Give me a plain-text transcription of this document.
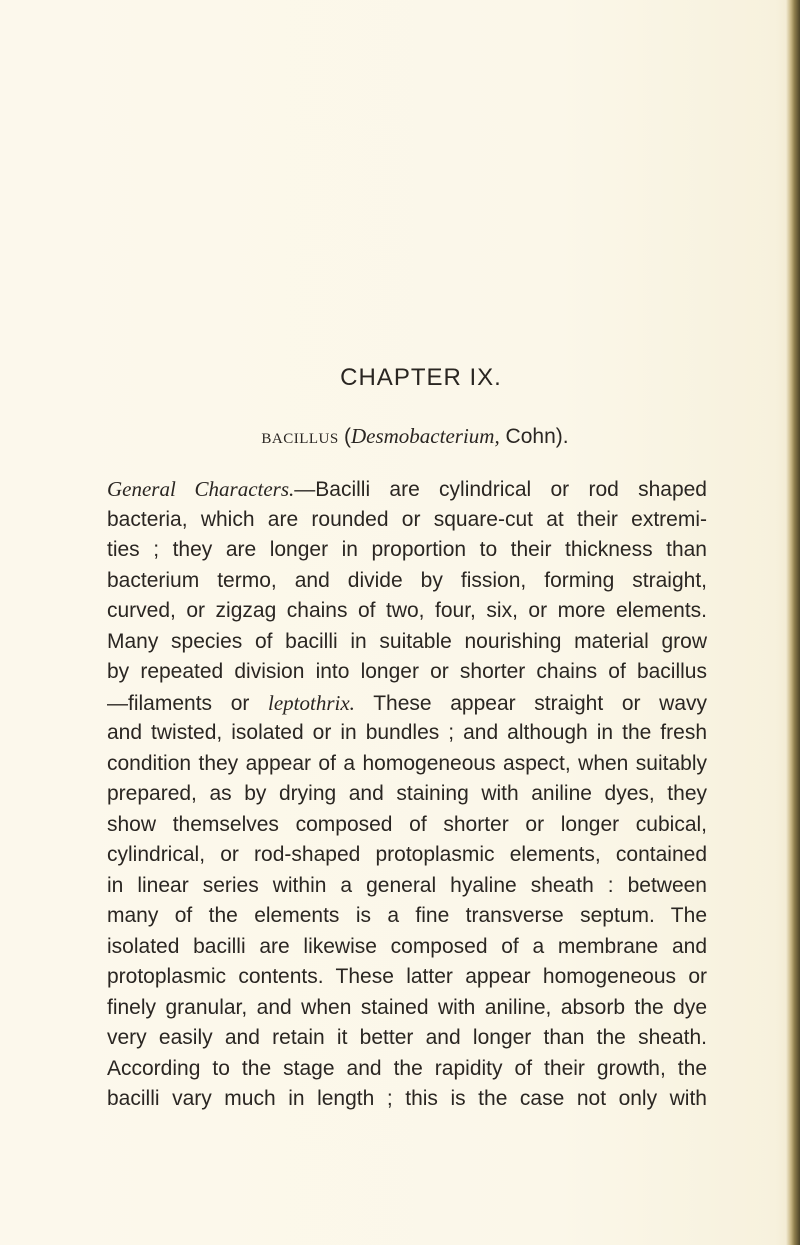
CHAPTER IX.
BACILLUS (Desmobacterium, Cohn).
General Characters.—Bacilli are cylindrical or rod shaped
bacteria, which are rounded or square-cut at their extremi-
ties ; they are longer in proportion to their thickness than
bacterium termo, and divide by fission, forming straight,
curved, or zigzag chains of two, four, six, or more elements.
Many species of bacilli in suitable nourishing material grow
by repeated division into longer or shorter chains of bacillus
—filaments or leptothrix. These appear straight or wavy
and twisted, isolated or in bundles ; and although in the fresh
condition they appear of a homogeneous aspect, when suitably
prepared, as by drying and staining with aniline dyes, they
show themselves composed of shorter or longer cubical,
cylindrical, or rod-shaped protoplasmic elements, contained
in linear series within a general hyaline sheath : between
many of the elements is a fine transverse septum. The
isolated bacilli are likewise composed of a membrane and
protoplasmic contents. These latter appear homogeneous or
finely granular, and when stained with aniline, absorb the dye
very easily and retain it better and longer than the sheath.
According to the stage and the rapidity of their growth, the
bacilli vary much in length ; this is the case not only with
